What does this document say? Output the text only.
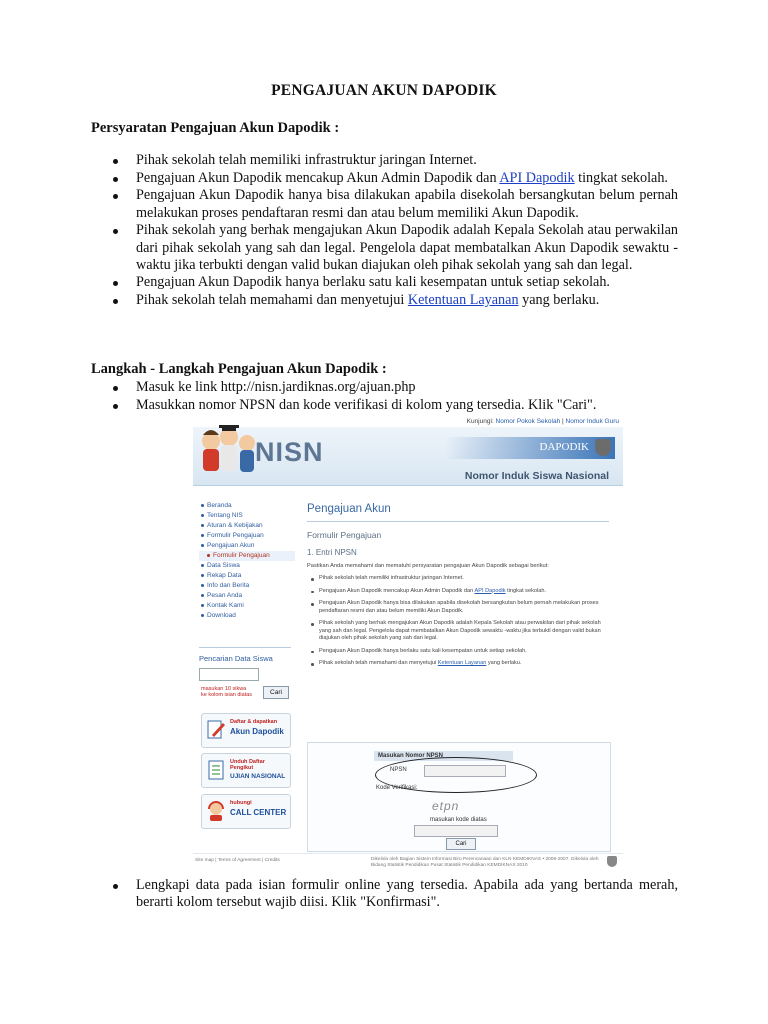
PENGAJUAN AKUN DAPODIK
Persyaratan Pengajuan Akun Dapodik :
Pihak sekolah telah memiliki infrastruktur jaringan Internet.
Pengajuan Akun Dapodik mencakup Akun Admin Dapodik dan API Dapodik tingkat sekolah.
Pengajuan Akun Dapodik hanya bisa dilakukan apabila disekolah bersangkutan belum pernah melakukan proses pendaftaran resmi dan atau belum memiliki Akun Dapodik.
Pihak sekolah yang berhak mengajukan Akun Dapodik adalah Kepala Sekolah atau perwakilan dari pihak sekolah yang sah dan legal. Pengelola dapat membatalkan Akun Dapodik sewaktu -waktu jika terbukti dengan valid bukan diajukan oleh pihak sekolah yang sah dan legal.
Pengajuan Akun Dapodik hanya berlaku satu kali kesempatan untuk setiap sekolah.
Pihak sekolah telah memahami dan menyetujui Ketentuan Layanan yang berlaku.
Langkah - Langkah Pengajuan Akun Dapodik :
Masuk ke link http://nisn.jardiknas.org/ajuan.php
Masukkan nomor NPSN dan kode verifikasi di kolom yang tersedia. Klik "Cari".
Kunjungi: Nomor Pokok Sekolah | Nomor Induk Guru
NISN	DAPODIK
Nomor Induk Siswa Nasional
Beranda
Tentang NIS
Aturan & Kebijakan
Formulir Pengajuan
Pengajuan Akun
Formulir Pengajuan
Data Siswa
Rekap Data
Info dan Berita
Pesan Anda
Kontak Kami
Download
Pencarian Data Siswa
masukan 10 sikwa ke kolom isian diatas	Cari
Daftar & dapatkan
Akun Dapodik
Unduh Daftar Pengikut
UJIAN NASIONAL
hubungi
CALL CENTER
Pengajuan Akun
Formulir Pengajuan
1. Entri NPSN
Pastikan Anda memahami dan mematuhi persyaratan pengajuan Akun Dapodik sebagai berikut:
Pihak sekolah telah memiliki infrastruktur jaringan Internet.
Pengajuan Akun Dapodik mencakup Akun Admin Dapodik dan API Dapodik tingkat sekolah.
Pengajuan Akun Dapodik hanya bisa dilakukan apabila disekolah bersangkutan belum pernah melakukan proses pendaftaran resmi dan atau belum memiliki Akun Dapodik.
Pihak sekolah yang berhak mengajukan Akun Dapodik adalah Kepala Sekolah atau perwakilan dari pihak sekolah yang sah dan legal. Pengelola dapat membatalkan Akun Dapodik sewaktu -waktu jika terbukti dengan valid bukan diajukan oleh pihak sekolah yang sah dan legal.
Pengajuan Akun Dapodik hanya berlaku satu kali kesempatan untuk setiap sekolah.
Pihak sekolah telah memahami dan menyetujui Ketentuan Layanan yang berlaku.
Masukan Nomor NPSN
NPSN
Kode Verifikasi:
etpn
masukan kode diatas
Cari
Site map | Terms of Agreement | Credits	Dikelola oleh Bagian Sistem Informasi Biro Perencanaan dan KLN KEMDIKNAS • 2006-2007. Dikelola oleh Bidang Statistik Pendidikan Pusat Statistik Pendidikan KEMDIKNAS 2010
Lengkapi data pada isian formulir online yang tersedia. Apabila ada yang bertanda merah, berarti kolom tersebut wajib diisi. Klik "Konfirmasi".
